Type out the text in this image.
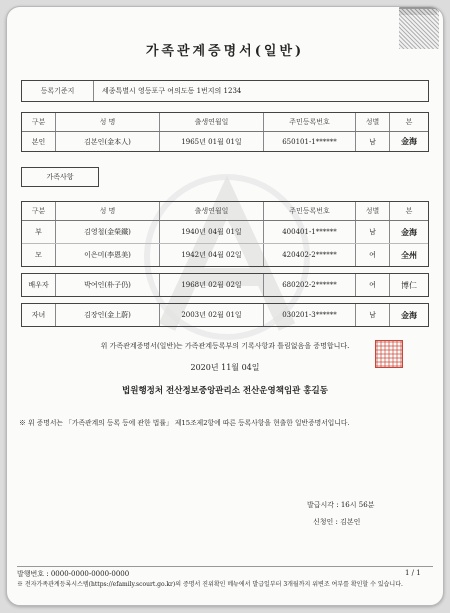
가족관계증명서(일반)
등록기준지	세종특별시 영등포구 여의도동 1번지의 1234
구분	성 명	출생연월일	주민등록번호	성별	본
본인	김본인(金本人)	1965년 01월 01일	650101-1******	남	金海
가족사항
구분	성 명	출생연월일	주민등록번호	성별	본
부	김영철(金榮鐵)	1940년 04월 01일	400401-1******	남	金海
모	이은미(李恩美)	1942년 04월 02일	420402-2******	여	全州
배우자	박여인(朴子仍)	1968년 02월 02일	680202-2******	여	博仁
자녀	김장인(金上蔚)	2003년 02월 01일	030201-3******	남	金海
위 가족관계증명서(일반)는 가족관계등록부의 기록사항과 틀림없음을 증명합니다.
2020년 11월 04일
법원행정처 전산정보중앙관리소 전산운영책임관 홍길동
※ 위 증명서는 「가족관계의 등록 등에 관한 법률」 제15조제2항에 따른 등록사항을 현출한 일반증명서입니다.
발급시각 : 16시 56분
신청인 : 김본인
발행번호 : 0000-0000-0000-0000	1 / 1
※ 전자가족관계등록시스템(https://efamily.scourt.go.kr)의 증명서 진위확인 메뉴에서 발급일부터 3개월까지 위변조 여부를 확인할 수 있습니다.
